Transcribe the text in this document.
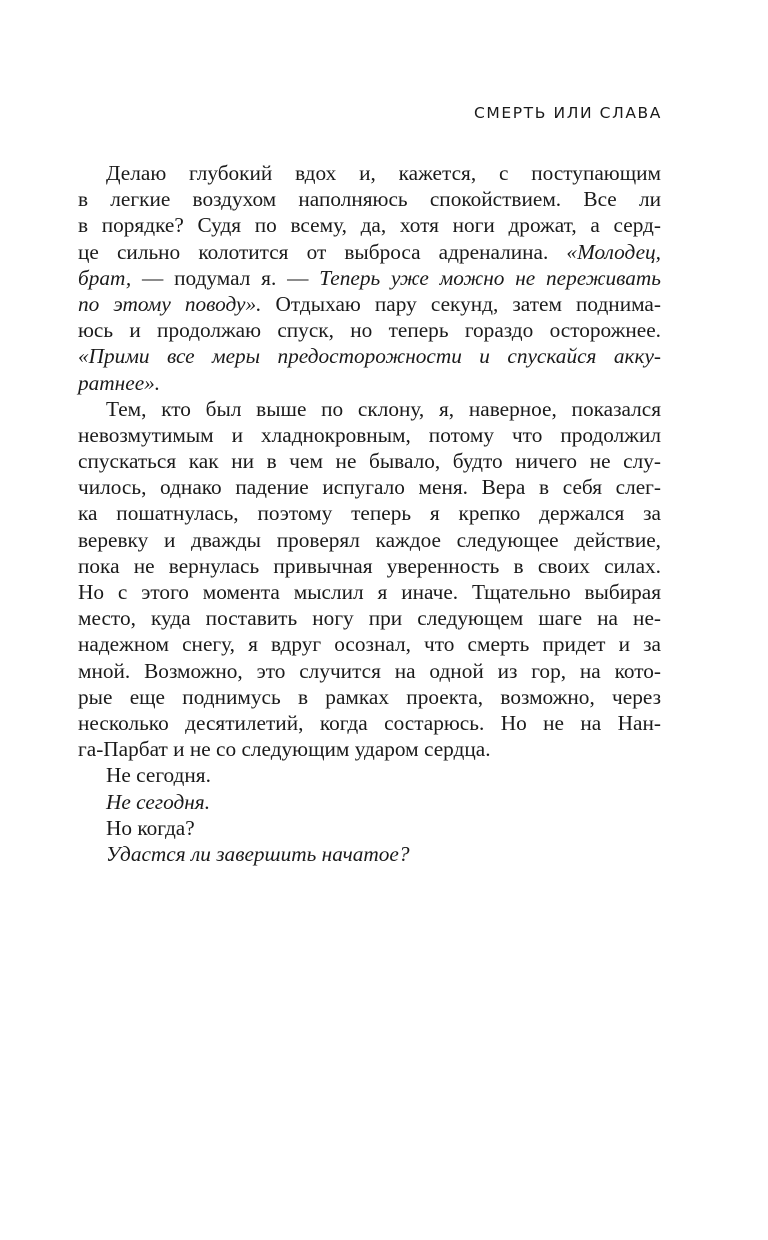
СМЕРТЬ ИЛИ СЛАВА
Делаю глубокий вдох и, кажется, с поступающим
в легкие воздухом наполняюсь спокойствием. Все ли
в порядке? Судя по всему, да, хотя ноги дрожат, а серд-
це сильно колотится от выброса адреналина. «Молодец,
брат, — подумал я. — Теперь уже можно не переживать
по этому поводу». Отдыхаю пару секунд, затем поднима-
юсь и продолжаю спуск, но теперь гораздо осторожнее.
«Прими все меры предосторожности и спускайся акку-
ратнее».
Тем, кто был выше по склону, я, наверное, показался
невозмутимым и хладнокровным, потому что продолжил
спускаться как ни в чем не бывало, будто ничего не слу-
чилось, однако падение испугало меня. Вера в себя слег-
ка пошатнулась, поэтому теперь я крепко держался за
веревку и дважды проверял каждое следующее действие,
пока не вернулась привычная уверенность в своих силах.
Но с этого момента мыслил я иначе. Тщательно выбирая
место, куда поставить ногу при следующем шаге на не-
надежном снегу, я вдруг осознал, что смерть придет и за
мной. Возможно, это случится на одной из гор, на кото-
рые еще поднимусь в рамках проекта, возможно, через
несколько десятилетий, когда состарюсь. Но не на Нан-
га-Парбат и не со следующим ударом сердца.
Не сегодня.
Не сегодня.
Но когда?
Удастся ли завершить начатое?
